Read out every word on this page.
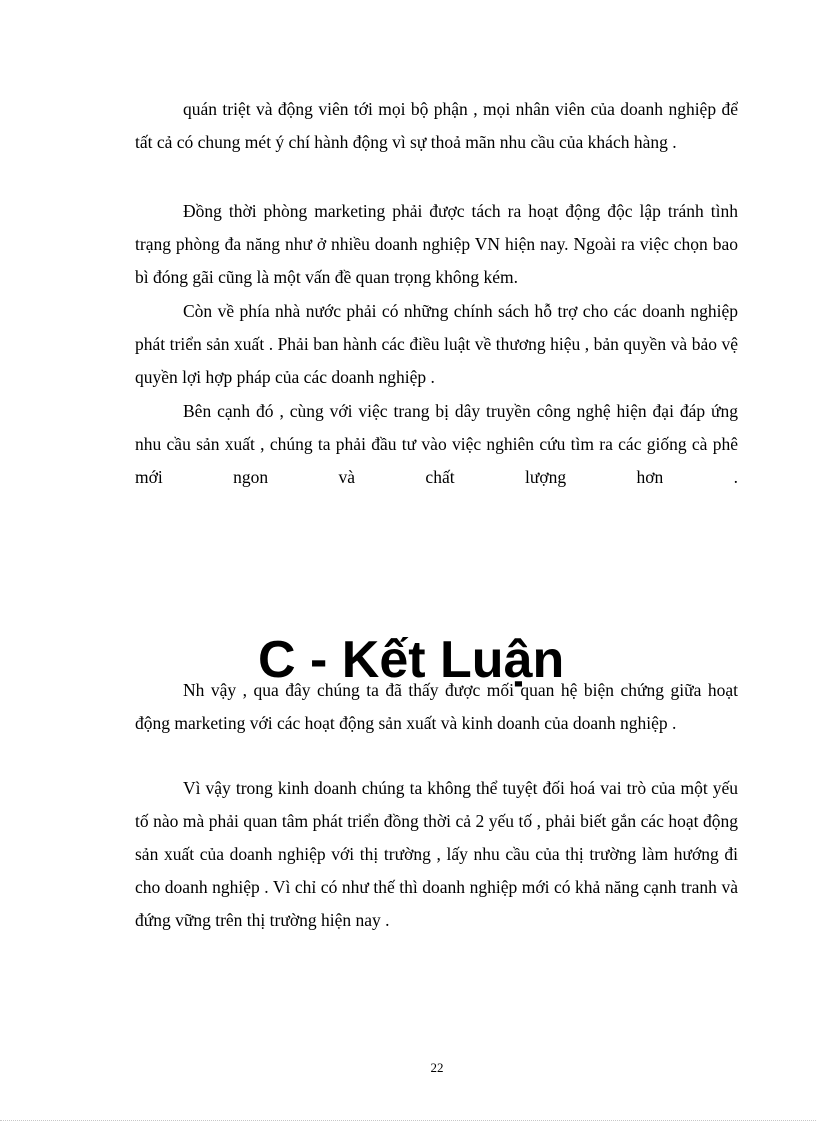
quán triệt và động viên tới mọi bộ phận , mọi nhân viên của doanh nghiệp để tất cả có chung mét ý chí hành động vì sự thoả mãn nhu cầu của khách hàng .

Đồng thời phòng marketing phải được tách ra hoạt động độc lập tránh tình trạng phòng đa năng như ở nhiều doanh nghiệp VN hiện nay. Ngoài ra việc chọn bao bì đóng gãi cũng là một vấn đề quan trọng không kém.

Còn về phía nhà nước phải có những chính sách hỗ trợ cho các doanh nghiệp phát triển sản xuất . Phải ban hành các điều luật về thương hiệu , bản quyền và bảo vệ quyền lợi hợp pháp của các doanh nghiệp .

Bên cạnh đó , cùng với việc trang bị dây truyền công nghệ hiện đại đáp ứng nhu cầu sản xuất , chúng ta phải đầu tư vào việc nghiên cứu tìm ra các giống cà phê mới ngon và chất lượng hơn .

C - Kết Luận

Nh vậy , qua đây chúng ta đã thấy được mối quan hệ biện chứng giữa hoạt động marketing với các hoạt động sản xuất và kinh doanh của doanh nghiệp .

Vì vậy trong kinh doanh chúng ta không thể tuyệt đối hoá vai trò của một yếu tố nào mà phải quan tâm phát triển đồng thời cả 2 yếu tố , phải biết gắn các hoạt động sản xuất của doanh nghiệp với thị trường , lấy nhu cầu của thị trường làm hướng đi cho doanh nghiệp . Vì chỉ có như thế thì doanh nghiệp mới có khả năng cạnh tranh và đứng vững trên thị trường hiện nay .

22
